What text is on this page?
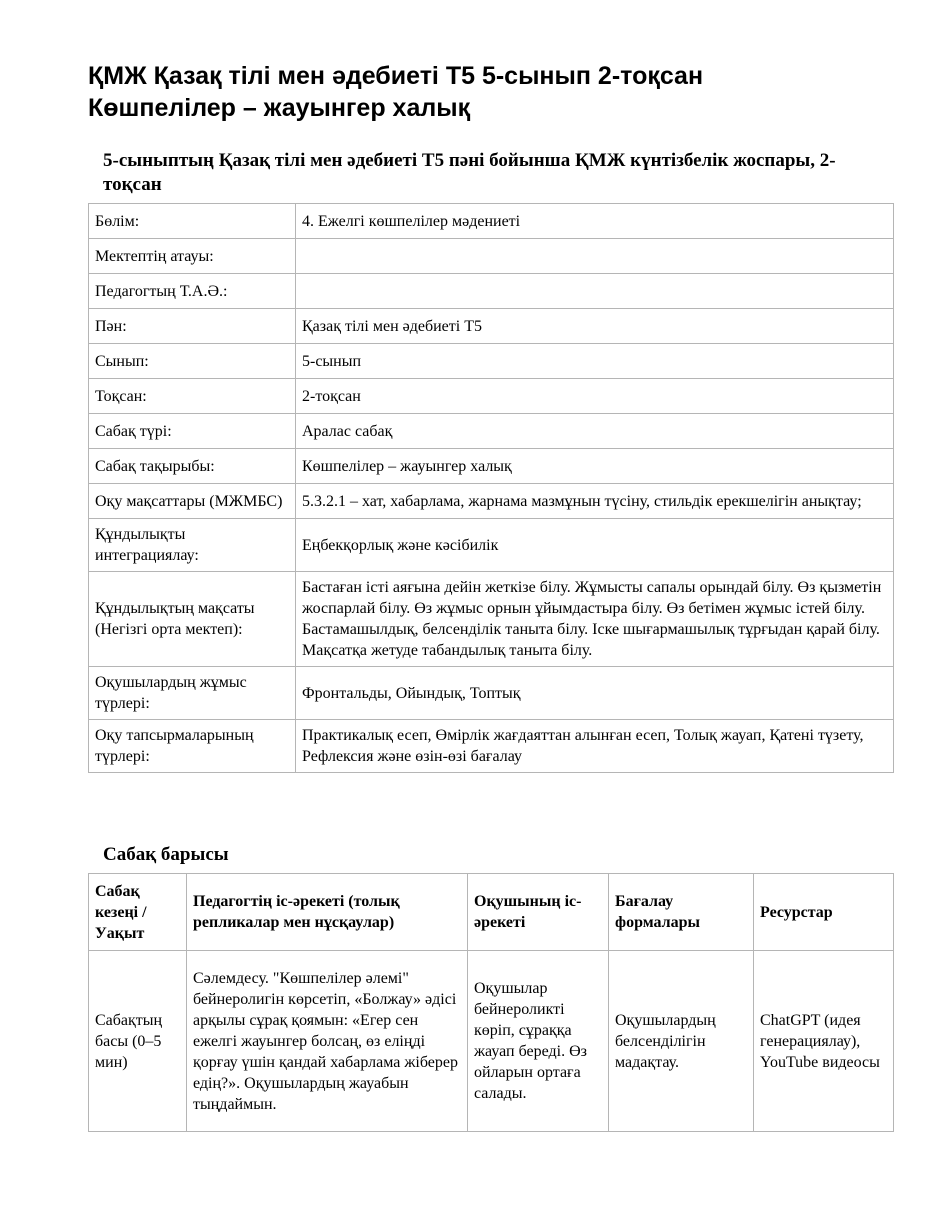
ҚМЖ Қазақ тілі мен әдебиеті Т5 5-сынып 2-тоқсан
Көшпелілер – жауынгер халық
5-сыныптың Қазақ тілі мен әдебиеті Т5 пәні бойынша ҚМЖ күнтізбелік жоспары, 2-тоқсан
Бөлім:	4. Ежелгі көшпелілер мәдениеті
Мектептің атауы:	
Педагогтың Т.А.Ә.:	
Пән:	Қазақ тілі мен әдебиеті Т5
Сынып:	5-сынып
Тоқсан:	2-тоқсан
Сабақ түрі:	Аралас сабақ
Сабақ тақырыбы:	Көшпелілер – жауынгер халық
Оқу мақсаттары (МЖМБС)	5.3.2.1 – хат, хабарлама, жарнама мазмұнын түсіну, стильдік ерекшелігін анықтау;
Құндылықты интеграциялау:	Еңбекқорлық және кәсібилік
Құндылықтың мақсаты (Негізгі орта мектеп):	Бастаған істі аяғына дейін жеткізе білу. Жұмысты сапалы орындай білу. Өз қызметін жоспарлай білу. Өз жұмыс орнын ұйымдастыра білу. Өз бетімен жұмыс істей білу. Бастамашылдық, белсенділік таныта білу. Іске шығармашылық тұрғыдан қарай білу. Мақсатқа жетуде табандылық таныта білу.
Оқушылардың жұмыс түрлері:	Фронтальды, Ойындық, Топтық
Оқу тапсырмаларының түрлері:	Практикалық есеп, Өмірлік жағдаяттан алынған есеп, Толық жауап, Қатені түзету, Рефлексия және өзін-өзі бағалау
Сабақ барысы
Сабақ кезеңі / Уақыт	Педагогтің іс-әрекеті (толық репликалар мен нұсқаулар)	Оқушының іс-әрекеті	Бағалау формалары	Ресурстар
Сабақтың басы (0–5 мин)	Сәлемдесу. "Көшпелілер әлемі" бейнеролигін көрсетіп, «Болжау» әдісі арқылы сұрақ қоямын: «Егер сен ежелгі жауынгер болсаң, өз еліңді қорғау үшін қандай хабарлама жіберер едің?». Оқушылардың жауабын тыңдаймын.	Оқушылар бейнероликті көріп, сұраққа жауап береді. Өз ойларын ортаға салады.	Оқушылардың белсенділігін мадақтау.	ChatGPT (идея генерациялау), YouTube видеосы
